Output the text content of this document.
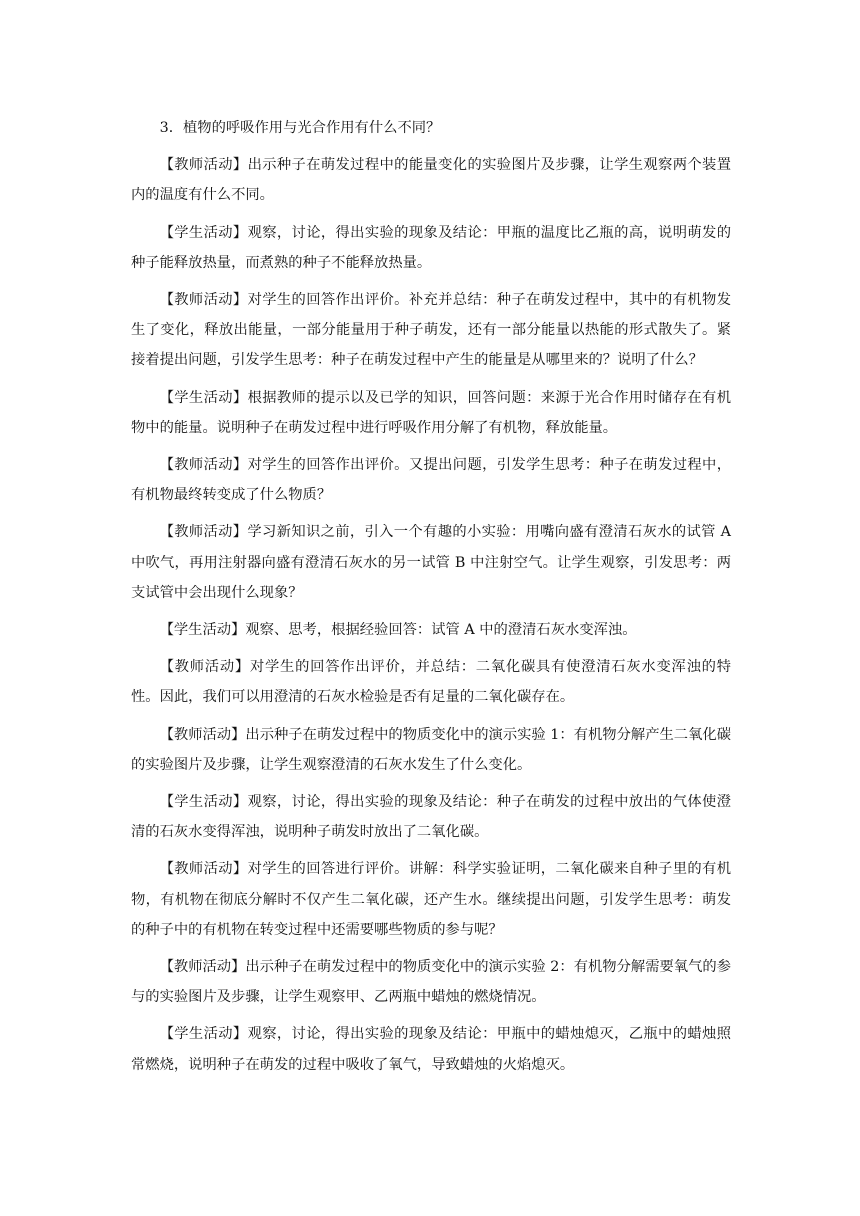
3．植物的呼吸作用与光合作用有什么不同？

【教师活动】出示种子在萌发过程中的能量变化的实验图片及步骤，让学生观察两个装置内的温度有什么不同。

【学生活动】观察，讨论，得出实验的现象及结论：甲瓶的温度比乙瓶的高，说明萌发的种子能释放热量，而煮熟的种子不能释放热量。

【教师活动】对学生的回答作出评价。补充并总结：种子在萌发过程中，其中的有机物发生了变化，释放出能量，一部分能量用于种子萌发，还有一部分能量以热能的形式散失了。紧接着提出问题，引发学生思考：种子在萌发过程中产生的能量是从哪里来的？说明了什么？

【学生活动】根据教师的提示以及已学的知识，回答问题：来源于光合作用时储存在有机物中的能量。说明种子在萌发过程中进行呼吸作用分解了有机物，释放能量。

【教师活动】对学生的回答作出评价。又提出问题，引发学生思考：种子在萌发过程中，有机物最终转变成了什么物质？

【教师活动】学习新知识之前，引入一个有趣的小实验：用嘴向盛有澄清石灰水的试管 A 中吹气，再用注射器向盛有澄清石灰水的另一试管 B 中注射空气。让学生观察，引发思考：两支试管中会出现什么现象？

【学生活动】观察、思考，根据经验回答：试管 A 中的澄清石灰水变浑浊。

【教师活动】对学生的回答作出评价，并总结：二氧化碳具有使澄清石灰水变浑浊的特性。因此，我们可以用澄清的石灰水检验是否有足量的二氧化碳存在。

【教师活动】出示种子在萌发过程中的物质变化中的演示实验 1：有机物分解产生二氧化碳的实验图片及步骤，让学生观察澄清的石灰水发生了什么变化。

【学生活动】观察，讨论，得出实验的现象及结论：种子在萌发的过程中放出的气体使澄清的石灰水变得浑浊，说明种子萌发时放出了二氧化碳。

【教师活动】对学生的回答进行评价。讲解：科学实验证明，二氧化碳来自种子里的有机物，有机物在彻底分解时不仅产生二氧化碳，还产生水。继续提出问题，引发学生思考：萌发的种子中的有机物在转变过程中还需要哪些物质的参与呢？

【教师活动】出示种子在萌发过程中的物质变化中的演示实验 2：有机物分解需要氧气的参与的实验图片及步骤，让学生观察甲、乙两瓶中蜡烛的燃烧情况。

【学生活动】观察，讨论，得出实验的现象及结论：甲瓶中的蜡烛熄灭，乙瓶中的蜡烛照常燃烧，说明种子在萌发的过程中吸收了氧气，导致蜡烛的火焰熄灭。
